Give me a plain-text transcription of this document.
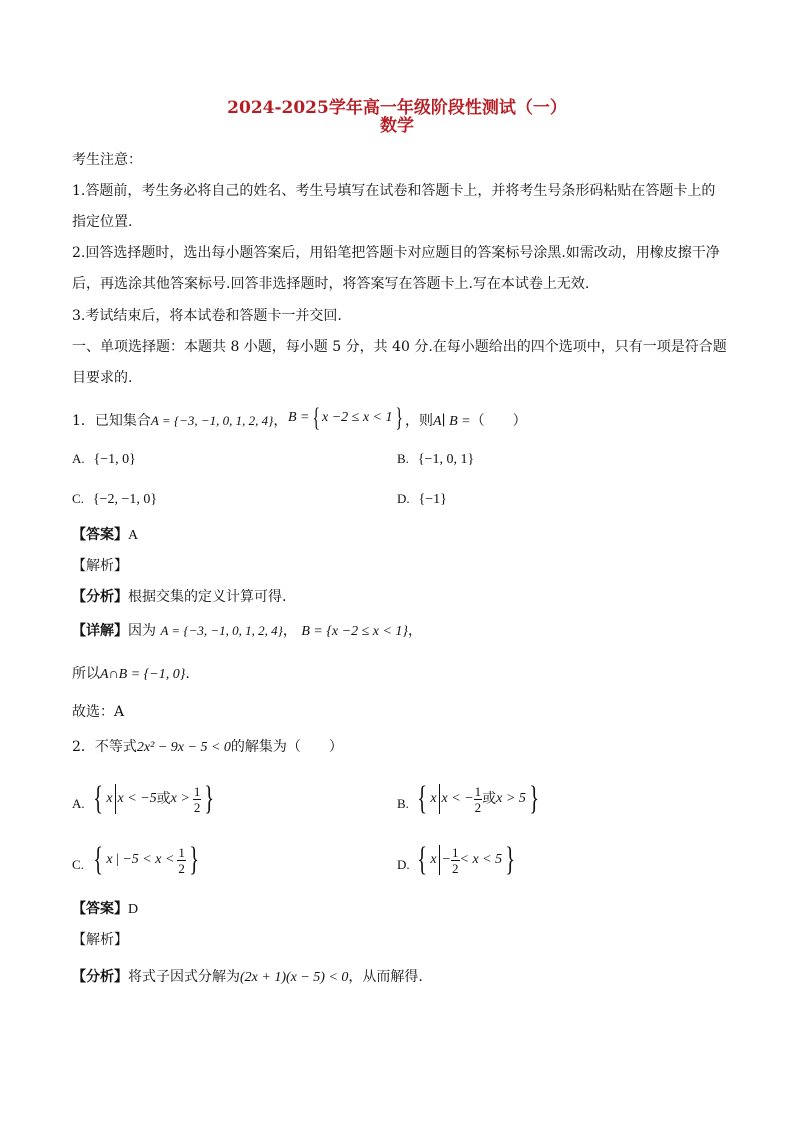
2024-2025学年高一年级阶段性测试（一）
数学
考生注意：
1.答题前，考生务必将自己的姓名、考生号填写在试卷和答题卡上，并将考生号条形码粘贴在答题卡上的
指定位置.
2.回答选择题时，选出每小题答案后，用铅笔把答题卡对应题目的答案标号涂黑.如需改动，用橡皮擦干净
后，再选涂其他答案标号.回答非选择题时，将答案写在答题卡上.写在本试卷上无效.
3.考试结束后，将本试卷和答题卡一并交回.
一、单项选择题：本题共 8 小题，每小题 5 分，共 40 分.在每小题给出的四个选项中，只有一项是符合题
目要求的.
1．已知集合A = {−3, −1, 0, 1, 2, 4}， B = { x −2 ≤ x < 1 } ，则A∣ B =（　　）
A. {−1, 0}	B. {−1, 0, 1}
C. {−2, −1, 0}	D. {−1}
【答案】A
【解析】
【分析】根据交集的定义计算可得.
【详解】因为 A = {−3, −1, 0, 1, 2, 4}， B = {x −2 ≤ x < 1}，
所以A∩B = {−1, 0}.
故选：A
2．不等式2x² − 9x − 5 < 0的解集为（　　）
A. { x x < −5 或 $x > \frac{1}{2}$ }	B. { x x < − $\frac{1}{2}$ 或 x > 5 }
C. { x | $-5 < x < \frac{1}{2}$ }	D. { $x - \frac{1}{2} < x < 5$ }
【答案】D
【解析】
【分析】将式子因式分解为(2x + 1)(x − 5) < 0，从而解得.
